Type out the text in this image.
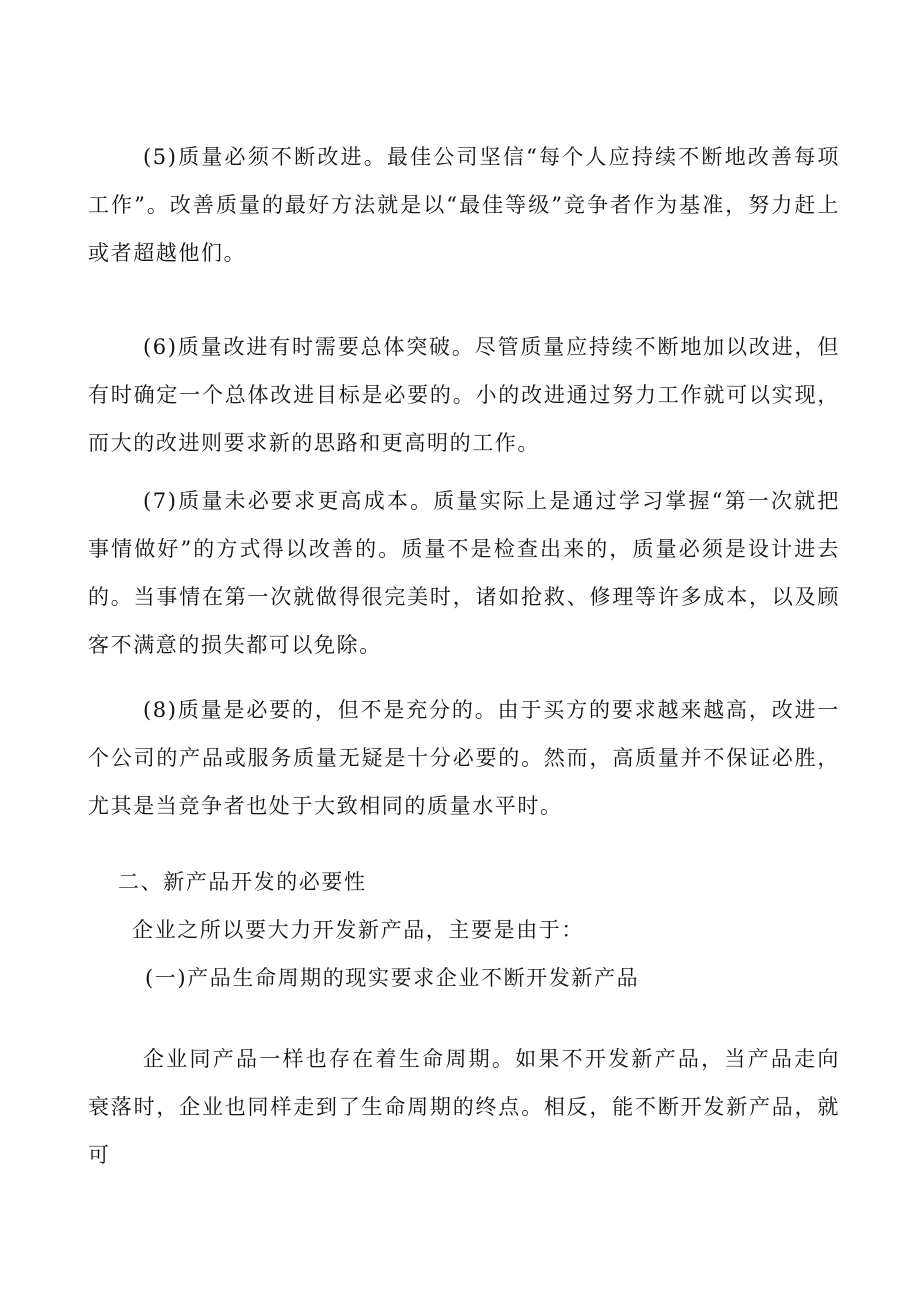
(5)质量必须不断改进。最佳公司坚信“每个人应持续不断地改善每项工作”。改善质量的最好方法就是以“最佳等级”竞争者作为基准，努力赶上或者超越他们。

(6)质量改进有时需要总体突破。尽管质量应持续不断地加以改进，但有时确定一个总体改进目标是必要的。小的改进通过努力工作就可以实现，而大的改进则要求新的思路和更高明的工作。

(7)质量未必要求更高成本。质量实际上是通过学习掌握“第一次就把事情做好”的方式得以改善的。质量不是检查出来的，质量必须是设计进去的。当事情在第一次就做得很完美时，诸如抢救、修理等许多成本，以及顾客不满意的损失都可以免除。

(8)质量是必要的，但不是充分的。由于买方的要求越来越高，改进一个公司的产品或服务质量无疑是十分必要的。然而，高质量并不保证必胜，尤其是当竞争者也处于大致相同的质量水平时。

二、新产品开发的必要性
企业之所以要大力开发新产品，主要是由于：
(一)产品生命周期的现实要求企业不断开发新产品

企业同产品一样也存在着生命周期。如果不开发新产品，当产品走向衰落时，企业也同样走到了生命周期的终点。相反，能不断开发新产品，就可
